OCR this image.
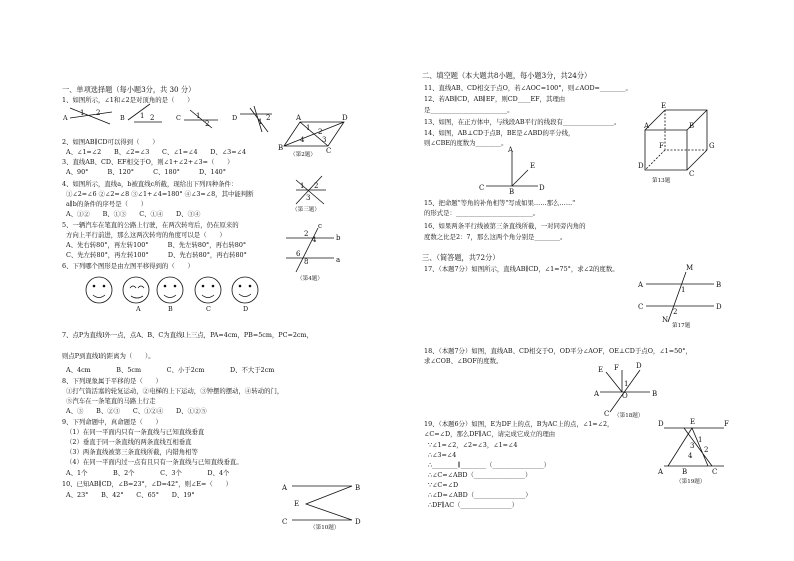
一、单项选择题（每小题3分，共 30 分）
1、如图所示，∠1和∠2是对顶角的是（　　）
2、如图AB∥CD可以得到（　　）
A、∠1=∠2　　B、∠2=∠3　　C、∠1=∠4　　D、∠3=∠4
3、直线AB、CD、EF相交于O，则∠1+∠2+∠3=（　　）
A、90°　　　B、120°　　　C、180°　　　D、140°
4、如图所示，直线a，b被直线c所截，现给出下列四种条件：
①∠2=∠6 ②∠2=∠8 ③∠1+∠4=180° ④∠3=∠8，其中能判断
a∥b的条件的序号是（　　）
A、①②　　B、①③　　C、①④　　D、③④
5、一辆汽车在笔直的公路上行驶，在两次转弯后，仍在原来的
方向上平行前进，那么这两次转弯的角度可以是（　　）
A、先右转80°，再左转100°　　　B、先左转80°，再右转80°
C、先左转80°，再左转100°　　　D、先右转80°，再右转80°
6、下列哪个图形是由左图平移得到的（　　）
7、点P为直线l外一点，点A、B、C为直线l上三点，PA=4cm，PB=5cm，PC=2cm，
则点P到直线l的距离为（　　）。
A、4cm　　　　B、5cm　　　　C、小于2cm　　　　D、不大于2cm
8、下列现象属于平移的是（　　）
①打气筒活塞的轮复运动，②电梯的上下运动，③钟摆的摆动，④转动的门，
⑤汽车在一条笔直的马路上行走
A、③　　B、②③　　C、①②④　　D、①②⑤
9、下列命题中，真命题是（　　）
（1）在同一平面内只有一条直线与已知直线垂直
（2）垂直于同一条直线的两条直线互相垂直
（3）两条直线被第三条直线所截，内错角相等
（4）在同一平面内过一点有且只有一条直线与已知直线垂直。
A、1个　　　　B、2个　　　　C、3个　　　　D、4个
10、已知AB∥CD，∠B=23°，∠D=42°，则∠E=（　　）
A、23°　　B、42°　　C、65°　　D、19°
A	B	C	D
A	B	C	D
（第2题）
（第三题）
（第4题）
（第10题）
二、填空题（本大题共8小题，每小题3分，共24分）
11、直线AB、CD相交于点O，若∠AOC=100°，则∠AOD=________。
12、若AB∥CD，AB∥EF，则CD____EF，其理由
是________________________。
13、如图，在正方体中，与线段AB平行的线段有________________。
14、如图，AB⊥CD于点B，BE是∠ABD的平分线，
则∠CBE的度数为________。
15、把命题"等角的补角相等"写成如果……那么……"
的形式是：________________________。
16、如果两条平行线被第三条直线所截，一对同旁内角的
度数之比是2：7，那么这两个角分别是________。
三、（简答题，共72分）
17、（本题7分）如图所示，直线AB∥CD，∠1=75°，求∠2的度数。
18、（本题7分）如图，直线AB、CD相交于O，OD平分∠AOF，OE⊥CD于点O，∠1=50°，
求∠COB、∠BOF的度数。
19、（本题6分）如图，E为DF上的点，B为AC上的点，∠1=∠2，
∠C=∠D，那么DF∥AC，请完成它成立的理由
∵∠1=∠2，∠2=∠3，∠1=∠4
∴∠3=∠4
∴________∥________（________________）
∴∠C=∠ABD（________________）
∵∠C=∠D
∴∠D=∠ABD（________________）
∴DF∥AC（________________）
第13题
第17题
（第18题）
（第19题）
1 2	1 2	1
2	1 2	A	D
B	C
1 2
3
4
1 2
3
b
a
c
2
4
6
8
A	B
E
C	D
E
A	B
G
F
D
C
A
E
C	B	D
A	B
C	D
M
N
1
2
A	B
F D
E
O
C
1
D	E	F
A	B	C
1
2
3
4
